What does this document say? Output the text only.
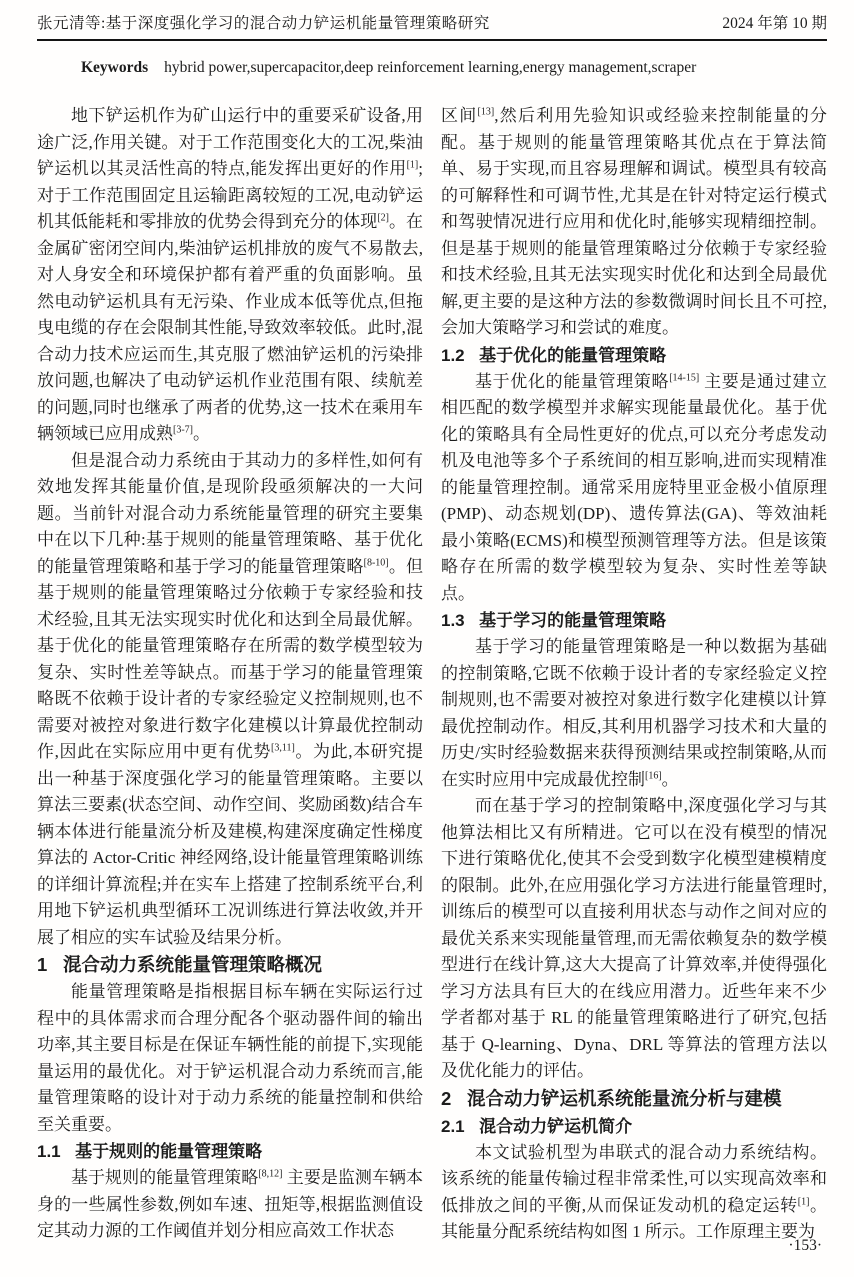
张元清等:基于深度强化学习的混合动力铲运机能量管理策略研究	2024 年第 10 期
Keywords hybrid power,supercapacitor,deep reinforcement learning,energy management,scraper

地下铲运机作为矿山运行中的重要采矿设备,用途广泛,作用关键。对于工作范围变化大的工况,柴油铲运机以其灵活性高的特点,能发挥出更好的作用[1];对于工作范围固定且运输距离较短的工况,电动铲运机其低能耗和零排放的优势会得到充分的体现[2]。在金属矿密闭空间内,柴油铲运机排放的废气不易散去,对人身安全和环境保护都有着严重的负面影响。虽然电动铲运机具有无污染、作业成本低等优点,但拖曳电缆的存在会限制其性能,导致效率较低。此时,混合动力技术应运而生,其克服了燃油铲运机的污染排放问题,也解决了电动铲运机作业范围有限、续航差的问题,同时也继承了两者的优势,这一技术在乘用车辆领域已应用成熟[3-7]。

但是混合动力系统由于其动力的多样性,如何有效地发挥其能量价值,是现阶段亟须解决的一大问题。当前针对混合动力系统能量管理的研究主要集中在以下几种:基于规则的能量管理策略、基于优化的能量管理策略和基于学习的能量管理策略[8-10]。但基于规则的能量管理策略过分依赖于专家经验和技术经验,且其无法实现实时优化和达到全局最优解。基于优化的能量管理策略存在所需的数学模型较为复杂、实时性差等缺点。而基于学习的能量管理策略既不依赖于设计者的专家经验定义控制规则,也不需要对被控对象进行数字化建模以计算最优控制动作,因此在实际应用中更有优势[3,11]。为此,本研究提出一种基于深度强化学习的能量管理策略。主要以算法三要素(状态空间、动作空间、奖励函数)结合车辆本体进行能量流分析及建模,构建深度确定性梯度算法的 Actor-Critic 神经网络,设计能量管理策略训练的详细计算流程;并在实车上搭建了控制系统平台,利用地下铲运机典型循环工况训练进行算法收敛,并开展了相应的实车试验及结果分析。

1 混合动力系统能量管理策略概况

能量管理策略是指根据目标车辆在实际运行过程中的具体需求而合理分配各个驱动器件间的输出功率,其主要目标是在保证车辆性能的前提下,实现能量运用的最优化。对于铲运机混合动力系统而言,能量管理策略的设计对于动力系统的能量控制和供给至关重要。

1.1 基于规则的能量管理策略

基于规则的能量管理策略[8,12] 主要是监测车辆本身的一些属性参数,例如车速、扭矩等,根据监测值设定其动力源的工作阈值并划分相应高效工作状态

区间[13],然后利用先验知识或经验来控制能量的分配。基于规则的能量管理策略其优点在于算法简单、易于实现,而且容易理解和调试。模型具有较高的可解释性和可调节性,尤其是在针对特定运行模式和驾驶情况进行应用和优化时,能够实现精细控制。但是基于规则的能量管理策略过分依赖于专家经验和技术经验,且其无法实现实时优化和达到全局最优解,更主要的是这种方法的参数微调时间长且不可控,会加大策略学习和尝试的难度。

1.2 基于优化的能量管理策略

基于优化的能量管理策略[14-15] 主要是通过建立相匹配的数学模型并求解实现能量最优化。基于优化的策略具有全局性更好的优点,可以充分考虑发动机及电池等多个子系统间的相互影响,进而实现精准的能量管理控制。通常采用庞特里亚金极小值原理(PMP)、动态规划(DP)、遗传算法(GA)、等效油耗最小策略(ECMS)和模型预测管理等方法。但是该策略存在所需的数学模型较为复杂、实时性差等缺点。

1.3 基于学习的能量管理策略

基于学习的能量管理策略是一种以数据为基础的控制策略,它既不依赖于设计者的专家经验定义控制规则,也不需要对被控对象进行数字化建模以计算最优控制动作。相反,其利用机器学习技术和大量的历史/实时经验数据来获得预测结果或控制策略,从而在实时应用中完成最优控制[16]。

而在基于学习的控制策略中,深度强化学习与其他算法相比又有所精进。它可以在没有模型的情况下进行策略优化,使其不会受到数字化模型建模精度的限制。此外,在应用强化学习方法进行能量管理时,训练后的模型可以直接利用状态与动作之间对应的最优关系来实现能量管理,而无需依赖复杂的数学模型进行在线计算,这大大提高了计算效率,并使得强化学习方法具有巨大的在线应用潜力。近些年来不少学者都对基于 RL 的能量管理策略进行了研究,包括基于 Q-learning、Dyna、DRL 等算法的管理方法以及优化能力的评估。

2 混合动力铲运机系统能量流分析与建模
2.1 混合动力铲运机简介

本文试验机型为串联式的混合动力系统结构。该系统的能量传输过程非常柔性,可以实现高效率和低排放之间的平衡,从而保证发动机的稳定运转[1]。其能量分配系统结构如图 1 所示。工作原理主要为

·153·
